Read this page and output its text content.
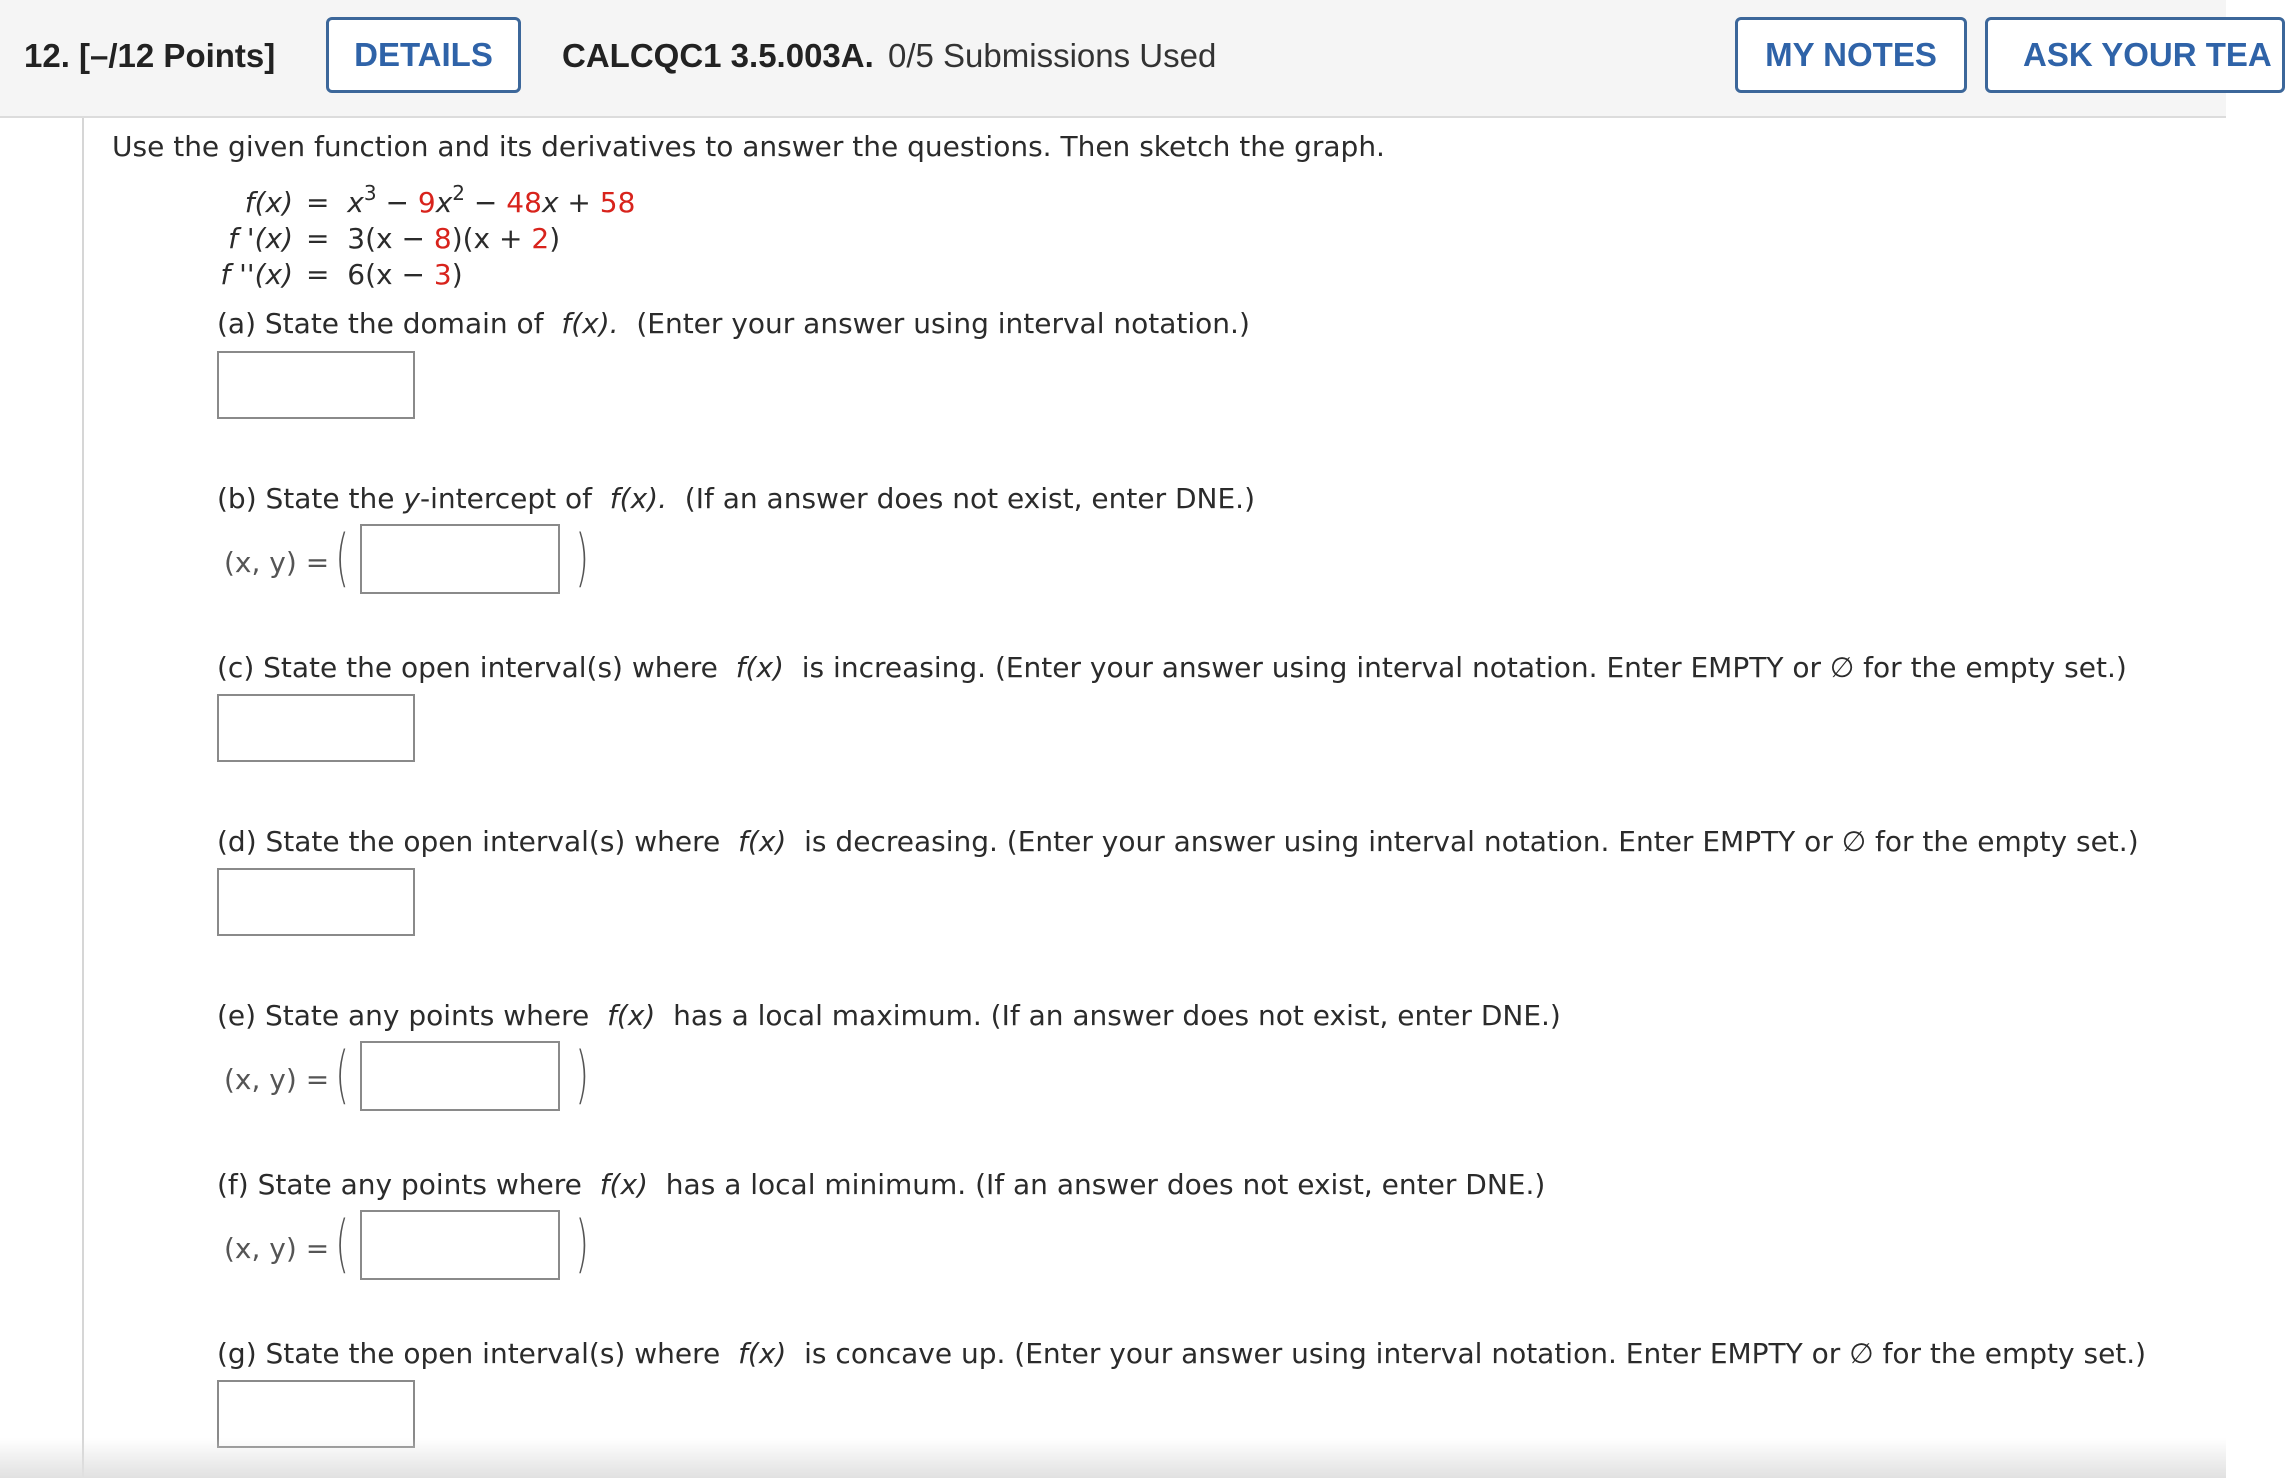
12. [–/12 Points]	DETAILS	CALCQC1 3.5.003A. 0/5 Submissions Used	MY NOTES	ASK YOUR TEA
Use the given function and its derivatives to answer the questions. Then sketch the graph.
$f(x) = x^3 - 9x^2 - 48x + 58$
f '(x) = 3(x − 8)(x + 2)
f ''(x) = 6(x − 3)
(a) State the domain of f(x). (Enter your answer using interval notation.)
(b) State the y-intercept of f(x). (If an answer does not exist, enter DNE.)
(x, y) = (	)
(c) State the open interval(s) where f(x) is increasing. (Enter your answer using interval notation. Enter EMPTY or ∅ for the empty set.)
(d) State the open interval(s) where f(x) is decreasing. (Enter your answer using interval notation. Enter EMPTY or ∅ for the empty set.)
(e) State any points where f(x) has a local maximum. (If an answer does not exist, enter DNE.)
(x, y) = (	)
(f) State any points where f(x) has a local minimum. (If an answer does not exist, enter DNE.)
(x, y) = (	)
(g) State the open interval(s) where f(x) is concave up. (Enter your answer using interval notation. Enter EMPTY or ∅ for the empty set.)
